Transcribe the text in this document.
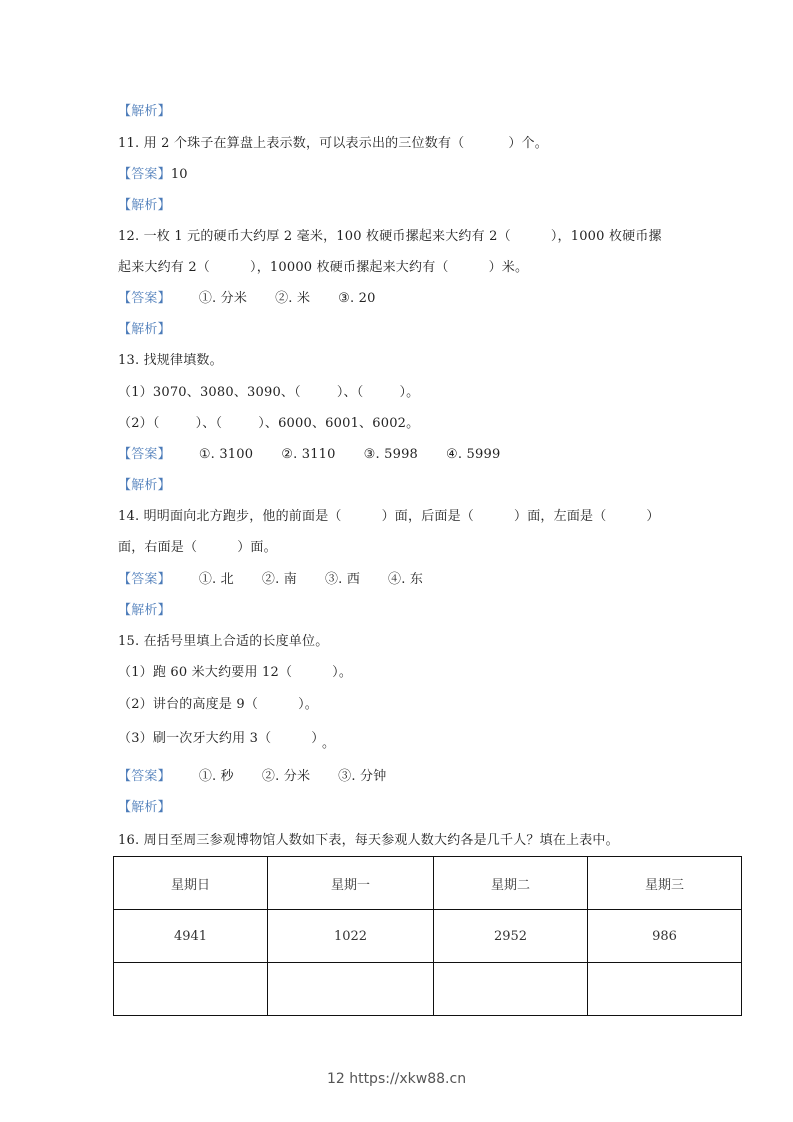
【解析】
11. 用 2 个珠子在算盘上表示数，可以表示出的三位数有（	）个。
【答案】10
【解析】
12. 一枚 1 元的硬币大约厚 2 毫米，100 枚硬币摞起来大约有 2（	），1000 枚硬币摞
起来大约有 2（	），10000 枚硬币摞起来大约有（	）米。
【答案】 ①. 分米 ②. 米 ③. 20
【解析】
13. 找规律填数。
（1）3070、3080、3090、（	）、（	）。
（2）（	）、（	）、6000、6001、6002。
【答案】 ①. 3100 ②. 3110 ③. 5998 ④. 5999
【解析】
14. 明明面向北方跑步，他的前面是（	）面，后面是（	）面，左面是（	）
面，右面是（	）面。
【答案】 ①. 北 ②. 南 ③. 西 ④. 东
【解析】
15. 在括号里填上合适的长度单位。
（1）跑 60 米大约要用 12（	）。
（2）讲台的高度是 9（	）。
（3）刷一次牙大约用 3（	） 。
【答案】 ①. 秒 ②. 分米 ③. 分钟
【解析】
16. 周日至周三参观博物馆人数如下表，每天参观人数大约各是几千人？填在上表中。
星期日	星期一	星期二	星期三
4941	1022	2952	986

12 https://xkw88.cn
